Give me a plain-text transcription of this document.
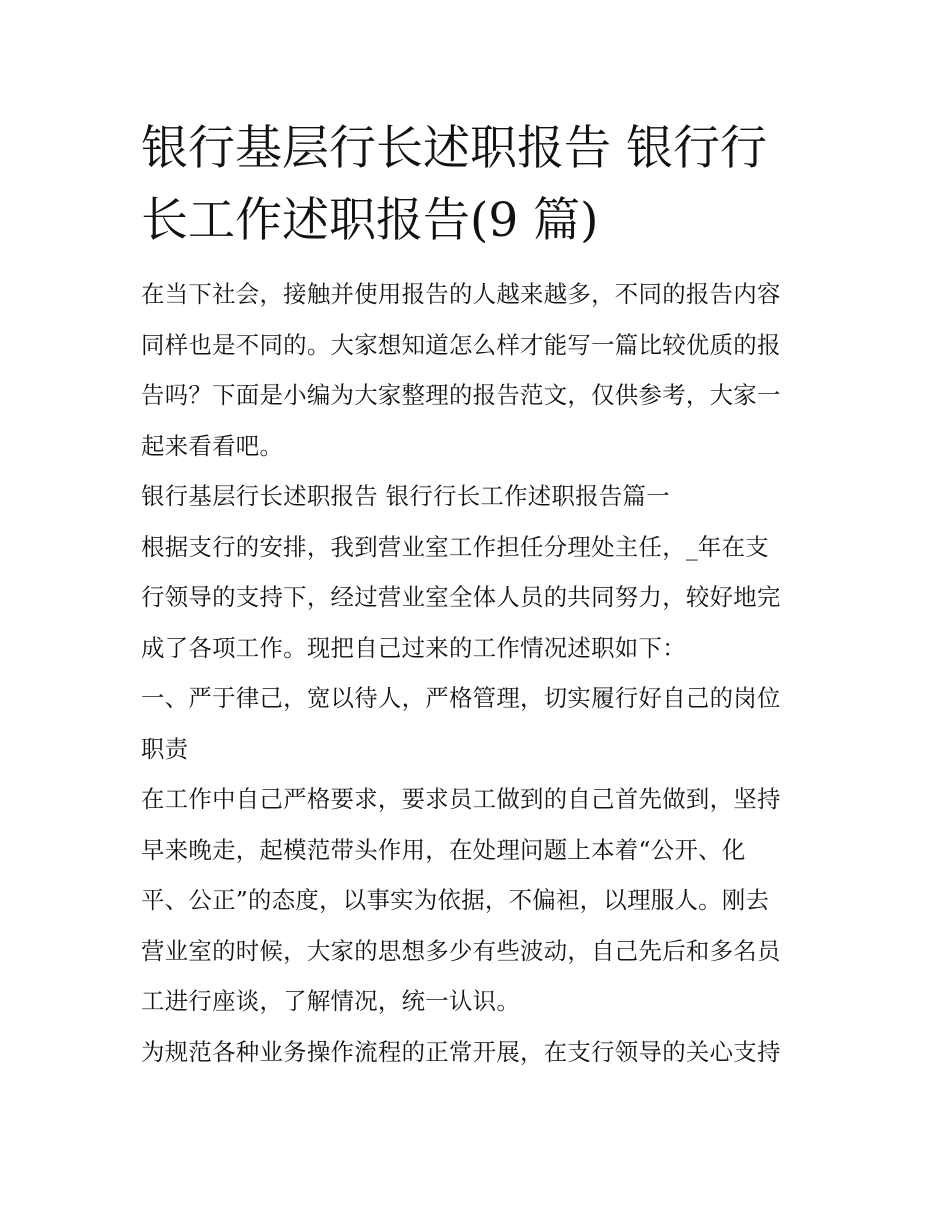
银行基层行长述职报告 银行行
长工作述职报告(9 篇)

在当下社会，接触并使用报告的人越来越多，不同的报告内容
同样也是不同的。大家想知道怎么样才能写一篇比较优质的报
告吗？下面是小编为大家整理的报告范文，仅供参考，大家一
起来看看吧。

银行基层行长述职报告 银行行长工作述职报告篇一

根据支行的安排，我到营业室工作担任分理处主任，_年在支
行领导的支持下，经过营业室全体人员的共同努力，较好地完
成了各项工作。现把自己过来的工作情况述职如下：

一、严于律己，宽以待人，严格管理，切实履行好自己的岗位
职责

在工作中自己严格要求，要求员工做到的自己首先做到，坚持
早来晚走，起模范带头作用，在处理问题上本着“公开、化
平、公正”的态度，以事实为依据，不偏袒，以理服人。刚去
营业室的时候，大家的思想多少有些波动，自己先后和多名员
工进行座谈，了解情况，统一认识。

为规范各种业务操作流程的正常开展，在支行领导的关心支持
